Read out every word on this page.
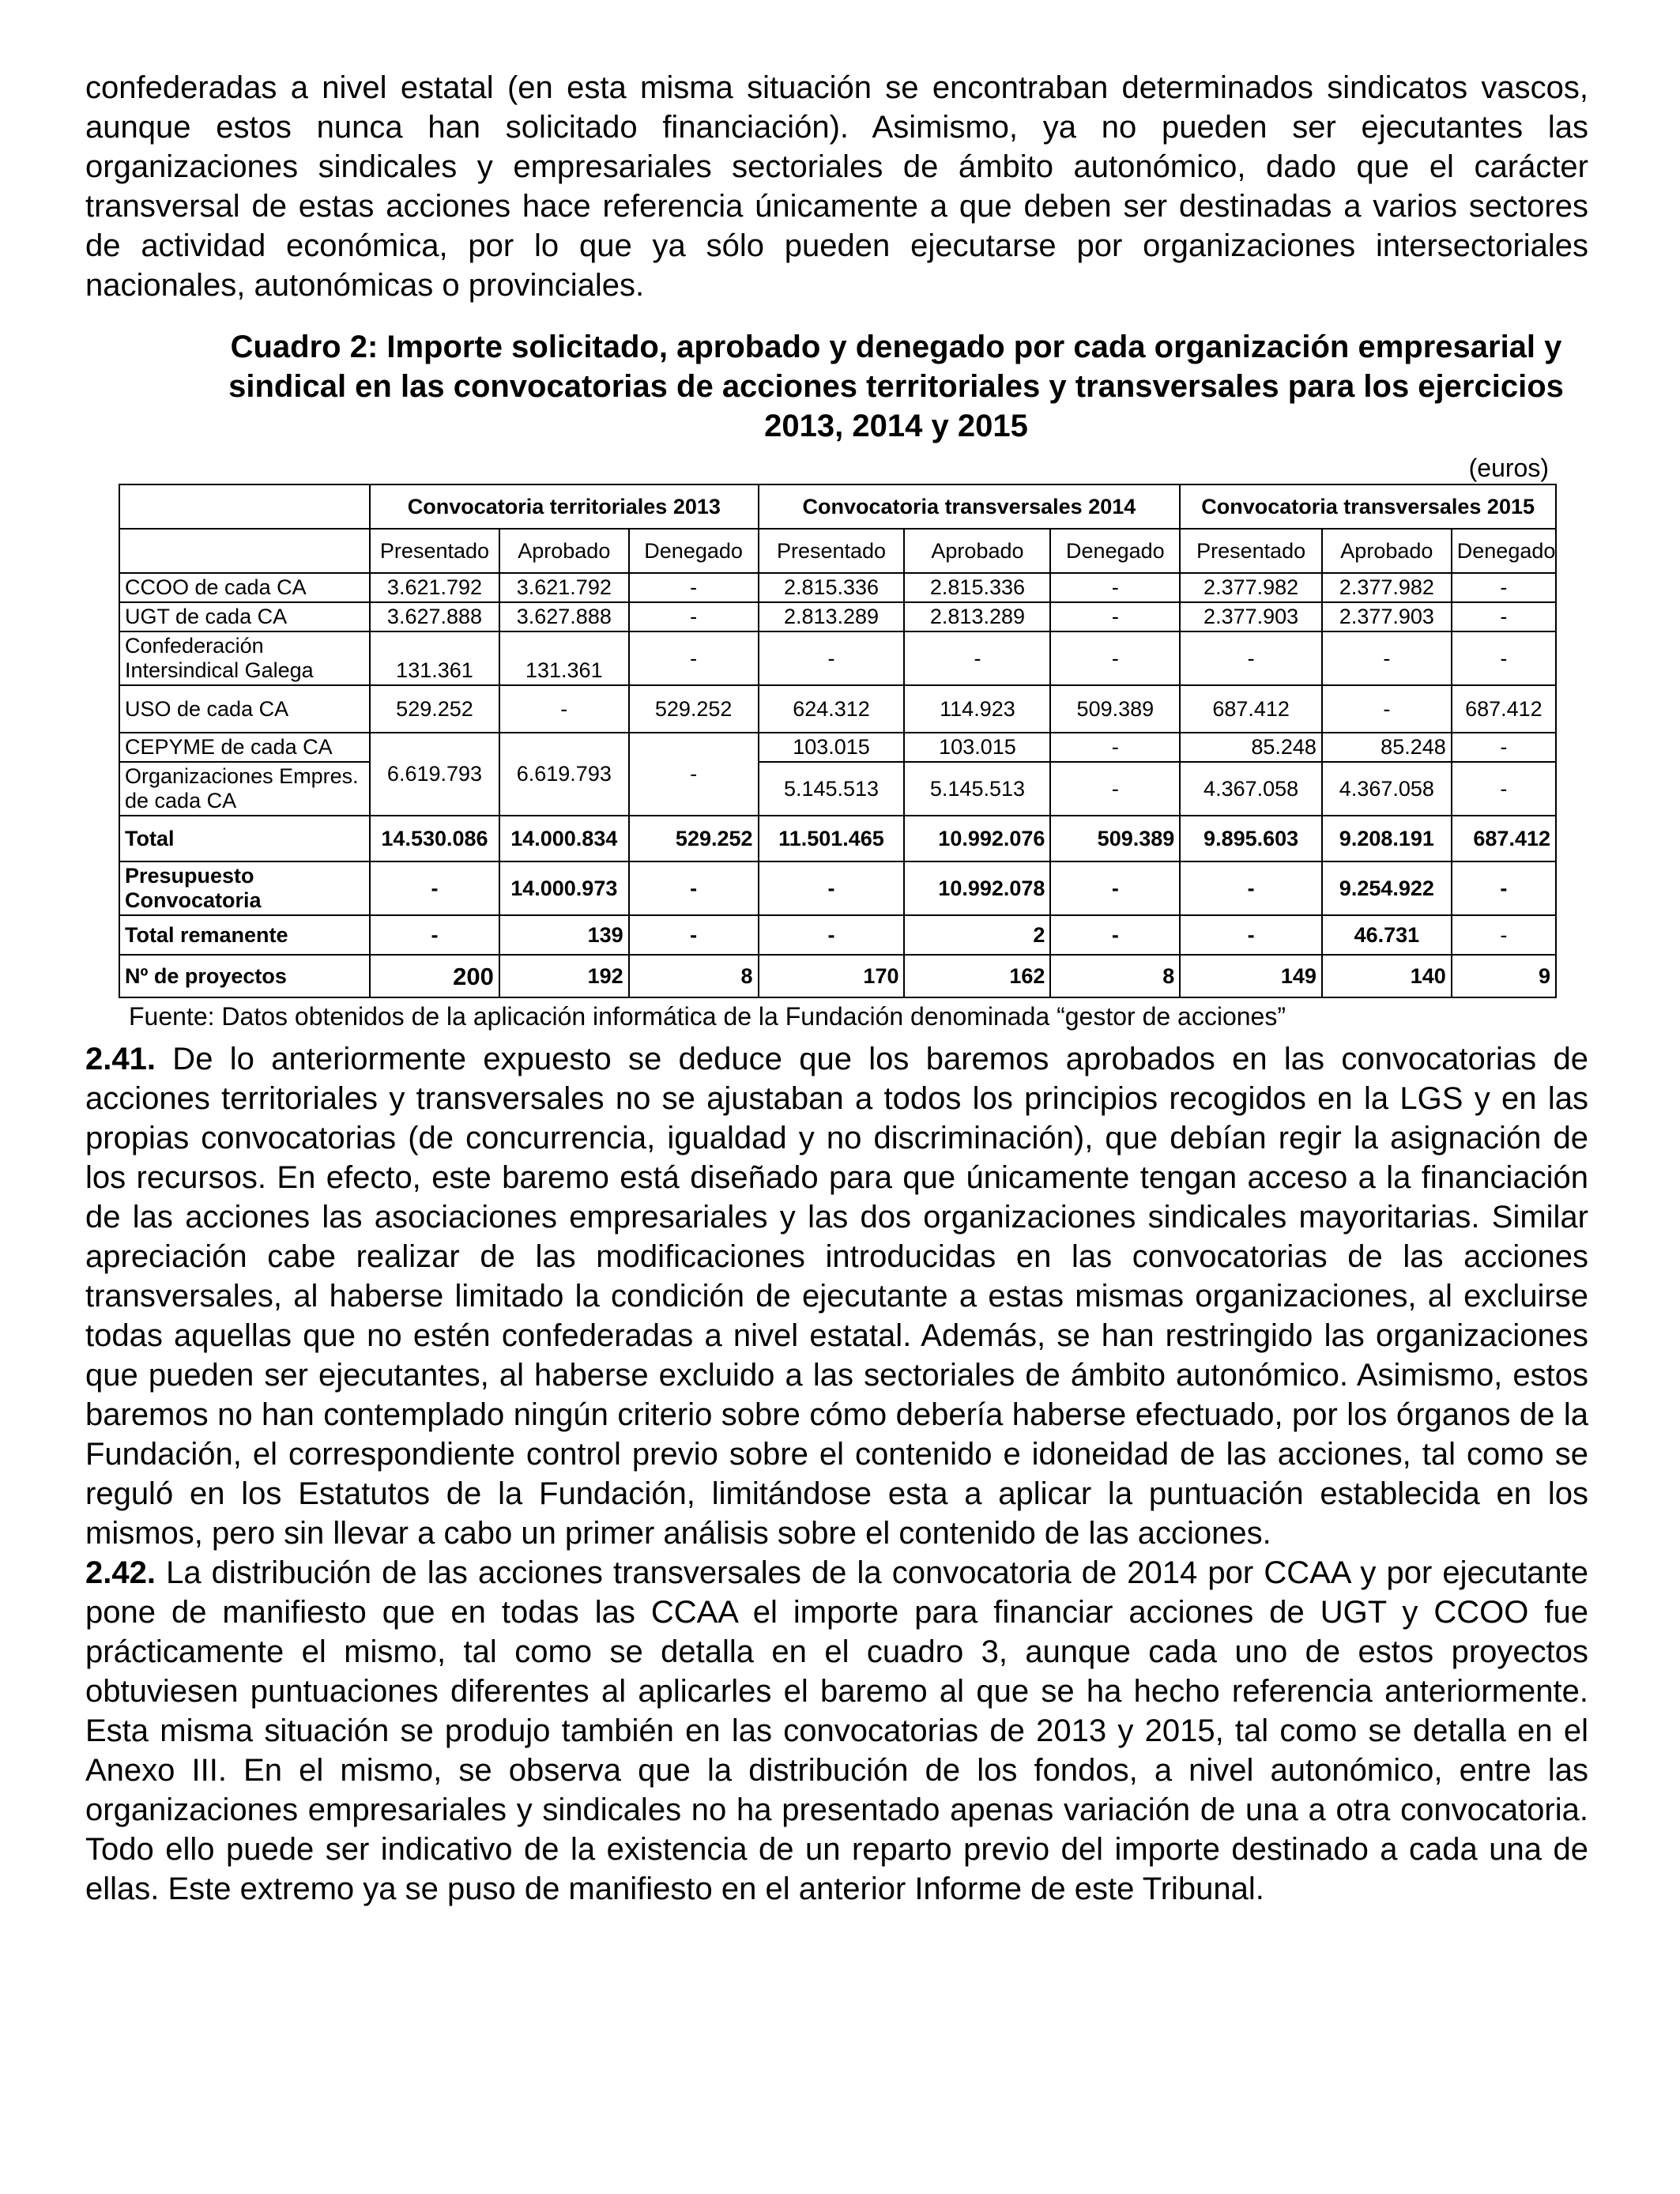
confederadas a nivel estatal (en esta misma situación se encontraban determinados sindicatos vascos, aunque estos nunca han solicitado financiación). Asimismo, ya no pueden ser ejecutantes las organizaciones sindicales y empresariales sectoriales de ámbito autonómico, dado que el carácter transversal de estas acciones hace referencia únicamente a que deben ser destinadas a varios sectores de actividad económica, por lo que ya sólo pueden ejecutarse por organizaciones intersectoriales nacionales, autonómicas o provinciales.

Cuadro 2: Importe solicitado, aprobado y denegado por cada organización empresarial y sindical en las convocatorias de acciones territoriales y transversales para los ejercicios 2013, 2014 y 2015
(euros)
	Convocatoria territoriales 2013			Convocatoria transversales 2014			Convocatoria transversales 2015		
	Presentado	Aprobado	Denegado	Presentado	Aprobado	Denegado	Presentado	Aprobado	Denegado
CCOO de cada CA	3.621.792	3.621.792	-	2.815.336	2.815.336	-	2.377.982	2.377.982	-
UGT de cada CA	3.627.888	3.627.888	-	2.813.289	2.813.289	-	2.377.903	2.377.903	-
Confederación Intersindical Galega	131.361	131.361	-	-	-	-	-	-	-
USO de cada CA	529.252	-	529.252	624.312	114.923	509.389	687.412	-	687.412
CEPYME de cada CA	6.619.793	6.619.793	-	103.015	103.015	-	85.248	85.248	-
Organizaciones Empres. de cada CA				5.145.513	5.145.513	-	4.367.058	4.367.058	-
Total	14.530.086	14.000.834	529.252	11.501.465	10.992.076	509.389	9.895.603	9.208.191	687.412
Presupuesto Convocatoria	-	14.000.973	-	-	10.992.078	-	-	9.254.922	-
Total remanente	-	139	-	-	2	-	-	46.731	-
Nº de proyectos	200	192	8	170	162	8	149	140	9
Fuente: Datos obtenidos de la aplicación informática de la Fundación denominada “gestor de acciones”

2.41. De lo anteriormente expuesto se deduce que los baremos aprobados en las convocatorias de acciones territoriales y transversales no se ajustaban a todos los principios recogidos en la LGS y en las propias convocatorias (de concurrencia, igualdad y no discriminación), que debían regir la asignación de los recursos. En efecto, este baremo está diseñado para que únicamente tengan acceso a la financiación de las acciones las asociaciones empresariales y las dos organizaciones sindicales mayoritarias. Similar apreciación cabe realizar de las modificaciones introducidas en las convocatorias de las acciones transversales, al haberse limitado la condición de ejecutante a estas mismas organizaciones, al excluirse todas aquellas que no estén confederadas a nivel estatal. Además, se han restringido las organizaciones que pueden ser ejecutantes, al haberse excluido a las sectoriales de ámbito autonómico. Asimismo, estos baremos no han contemplado ningún criterio sobre cómo debería haberse efectuado, por los órganos de la Fundación, el correspondiente control previo sobre el contenido e idoneidad de las acciones, tal como se reguló en los Estatutos de la Fundación, limitándose esta a aplicar la puntuación establecida en los mismos, pero sin llevar a cabo un primer análisis sobre el contenido de las acciones.

2.42. La distribución de las acciones transversales de la convocatoria de 2014 por CCAA y por ejecutante pone de manifiesto que en todas las CCAA el importe para financiar acciones de UGT y CCOO fue prácticamente el mismo, tal como se detalla en el cuadro 3, aunque cada uno de estos proyectos obtuviesen puntuaciones diferentes al aplicarles el baremo al que se ha hecho referencia anteriormente. Esta misma situación se produjo también en las convocatorias de 2013 y 2015, tal como se detalla en el Anexo III. En el mismo, se observa que la distribución de los fondos, a nivel autonómico, entre las organizaciones empresariales y sindicales no ha presentado apenas variación de una a otra convocatoria. Todo ello puede ser indicativo de la existencia de un reparto previo del importe destinado a cada una de ellas. Este extremo ya se puso de manifiesto en el anterior Informe de este Tribunal.
